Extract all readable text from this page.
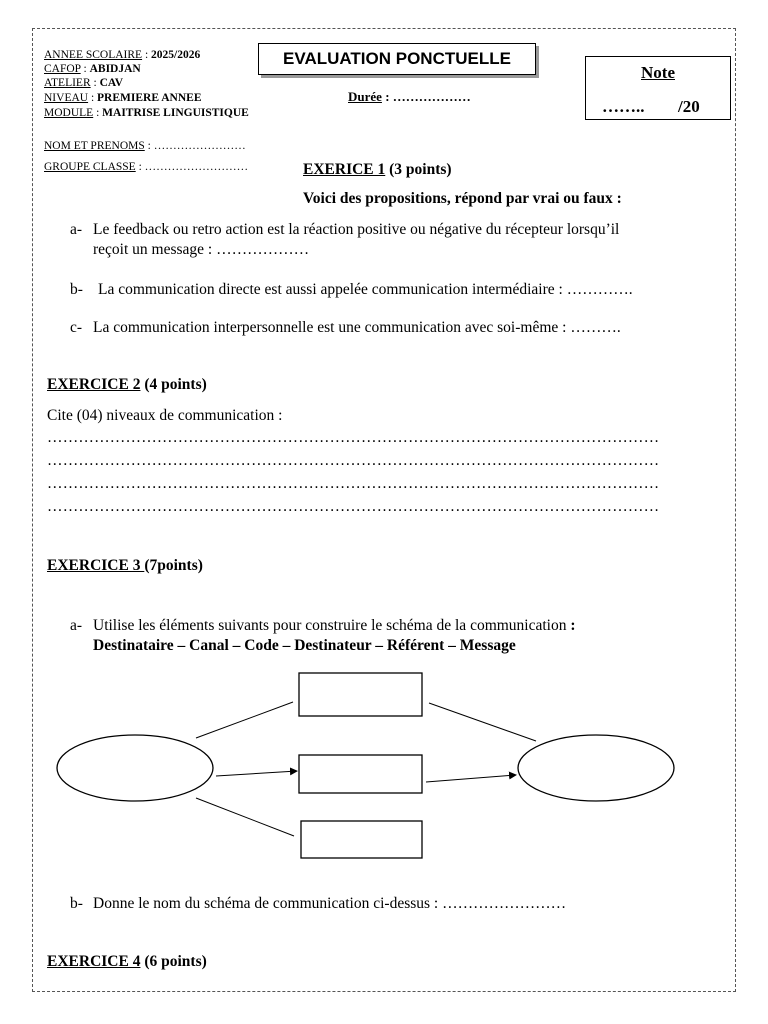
ANNEE SCOLAIRE : 2025/2026
CAFOP : ABIDJAN
ATELIER : CAV
NIVEAU : PREMIERE ANNEE
MODULE : MAITRISE LINGUISTIQUE
EVALUATION PONCTUELLE
Durée : ………………
Note
…….. /20
NOM ET PRENOMS : ……………………
GROUPE CLASSE : ………………………	EXERICE 1 (3 points)
Voici des propositions, répond par vrai ou faux :
a- Le feedback ou retro action est la réaction positive ou négative du récepteur lorsqu’il
reçoit un message : ………………
b- La communication directe est aussi appelée communication intermédiaire : ………….
c- La communication interpersonnelle est une communication avec soi-même : ……….
EXERCICE 2 (4 points)
Cite (04) niveaux de communication :
………………………………………………………………………………………………………
………………………………………………………………………………………………………
………………………………………………………………………………………………………
………………………………………………………………………………………………………
EXERCICE 3 (7points)
a- Utilise les éléments suivants pour construire le schéma de la communication :
Destinataire – Canal – Code – Destinateur – Référent – Message
b- Donne le nom du schéma de communication ci-dessus : ……………………
EXERCICE 4 (6 points)
